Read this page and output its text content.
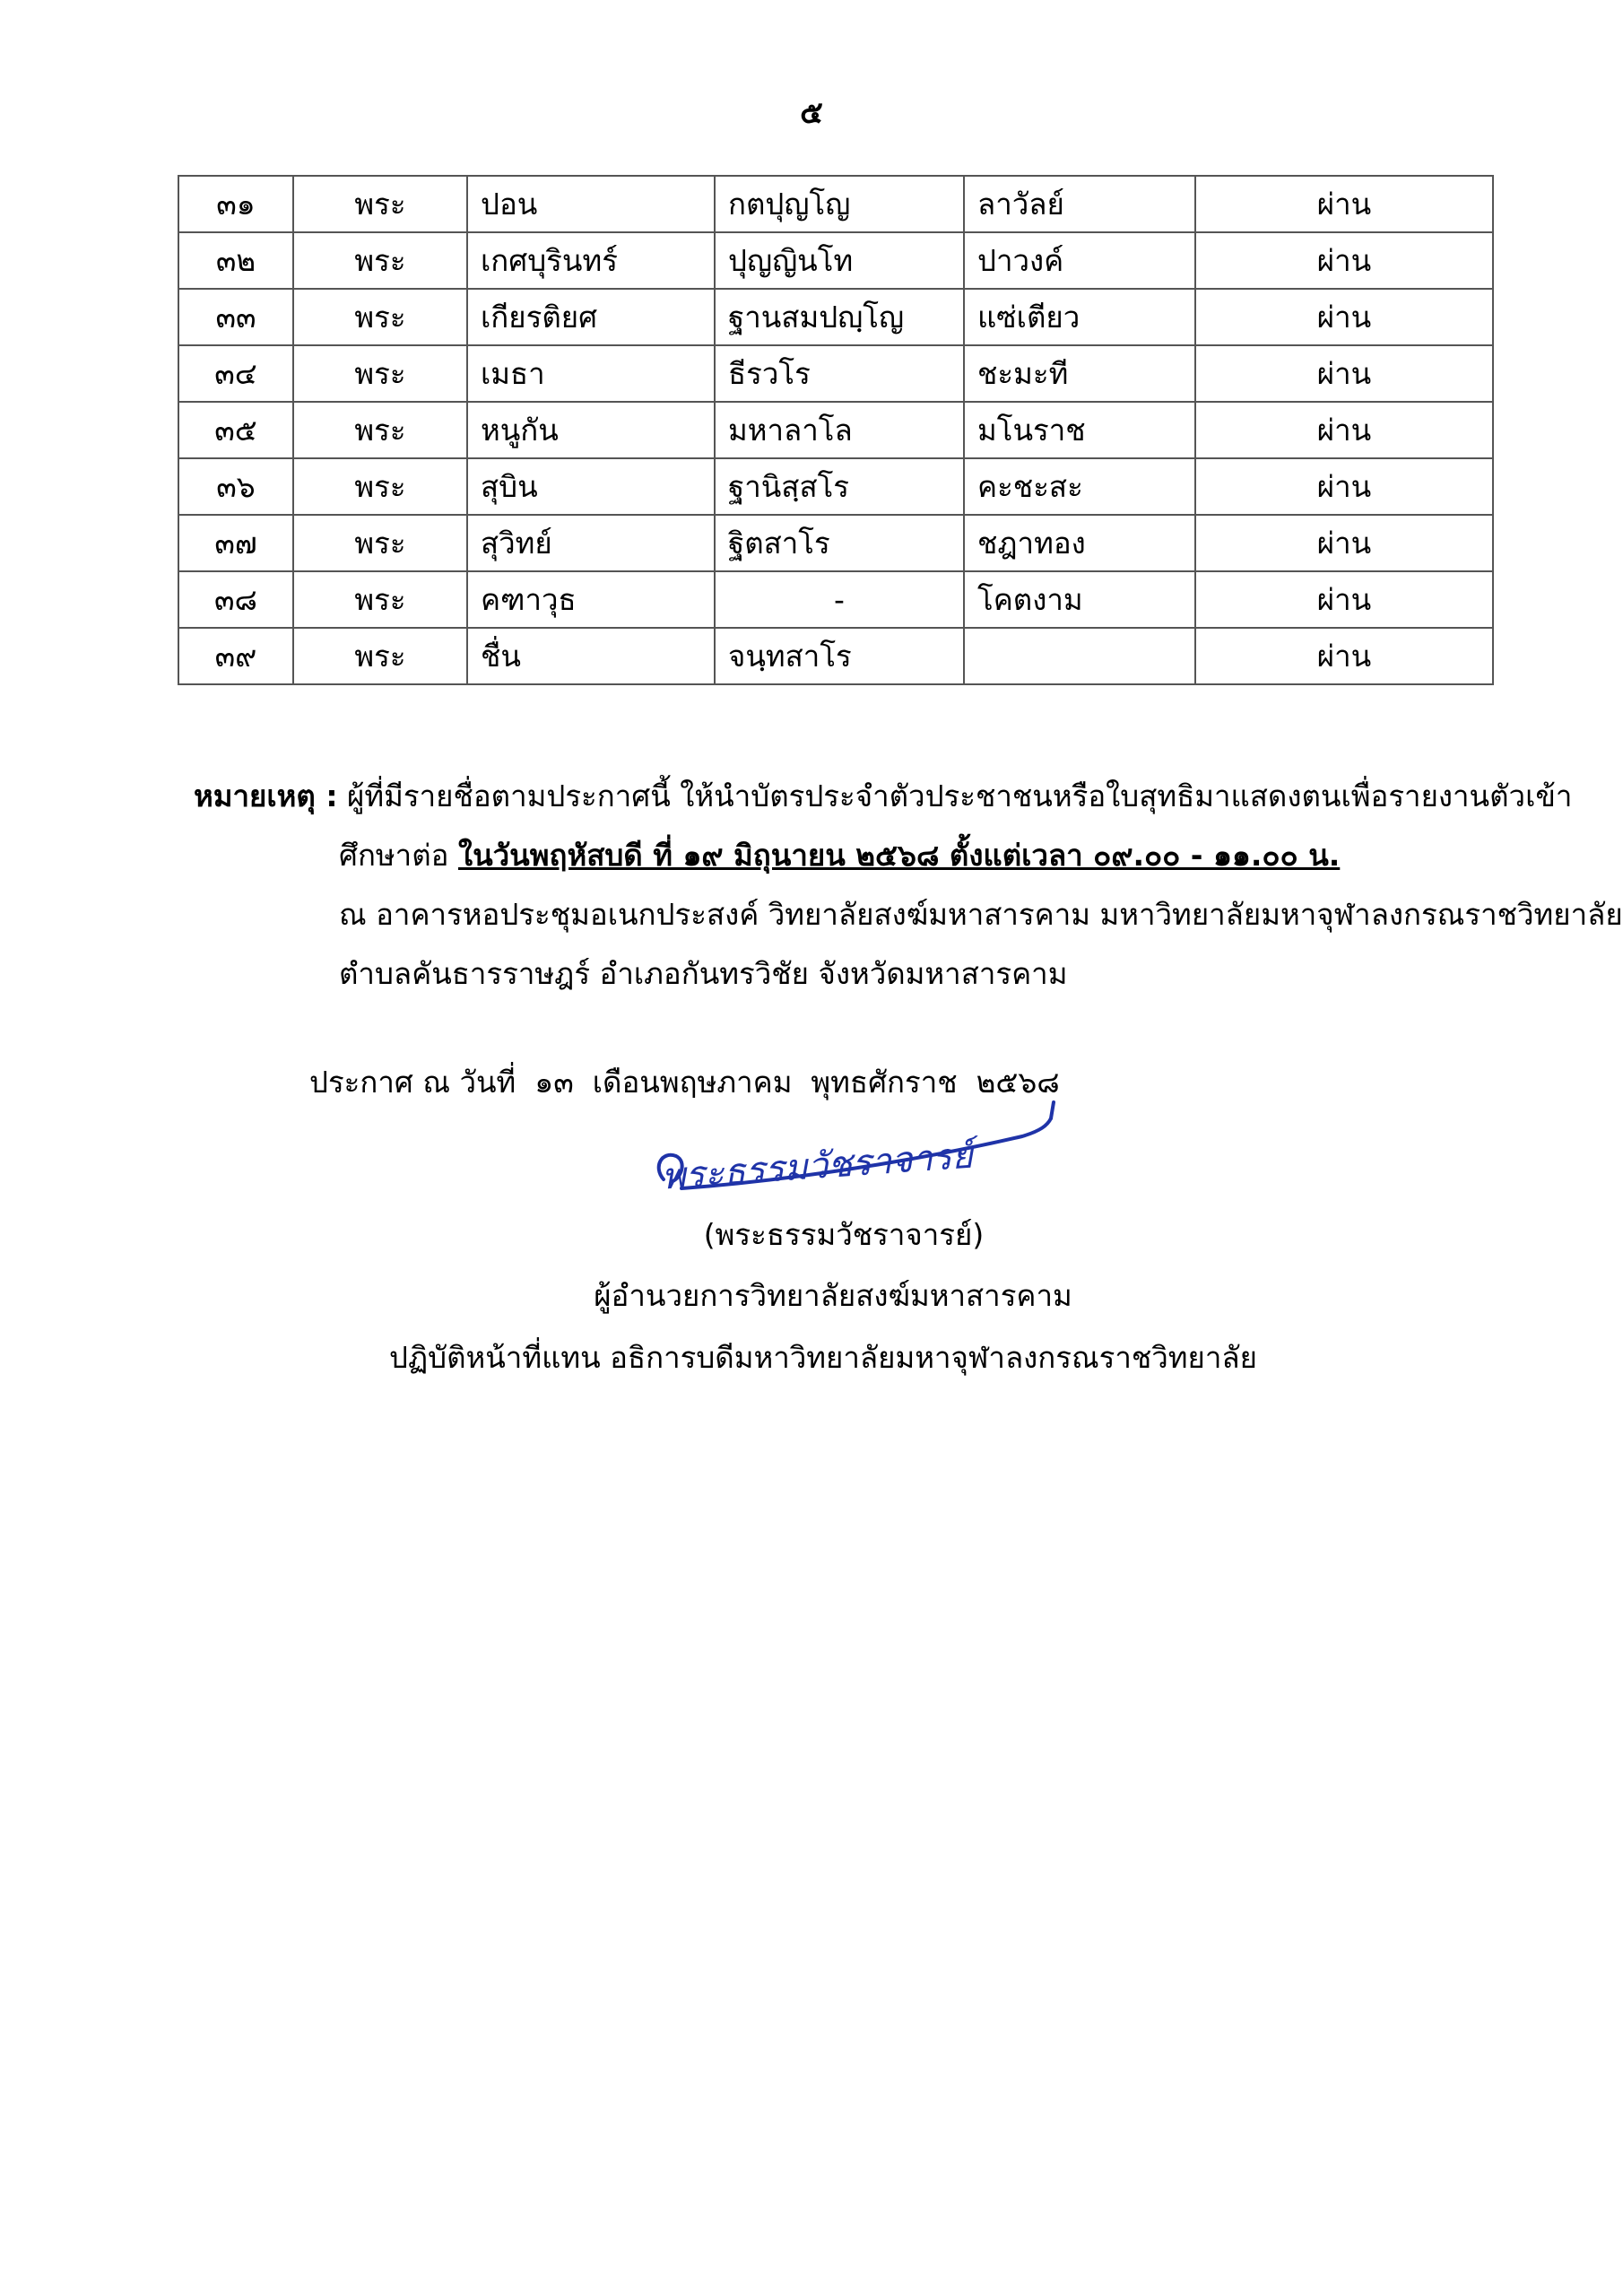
๕
๓๑	พระ	ปอน	กตปุญโญ	ลาวัลย์	ผ่าน
๓๒	พระ	เกศบุรินทร์	ปุญญินโท	ปาวงค์	ผ่าน
๓๓	พระ	เกียรติยศ	ฐานสมปญฺโญ	แซ่เตียว	ผ่าน
๓๔	พระ	เมธา	ธีรวโร	ชะมะที	ผ่าน
๓๕	พระ	หนูกัน	มหาลาโล	มโนราช	ผ่าน
๓๖	พระ	สุบิน	ฐานิสฺสโร	คะชะสะ	ผ่าน
๓๗	พระ	สุวิทย์	ฐิตสาโร	ชฎาทอง	ผ่าน
๓๘	พระ	คฑาวุธ	-	โคตงาม	ผ่าน
๓๙	พระ	ชื่น	จนฺทสาโร		ผ่าน
หมายเหตุ : ผู้ที่มีรายชื่อตามประกาศนี้ ให้นำบัตรประจำตัวประชาชนหรือใบสุทธิมาแสดงตนเพื่อรายงานตัวเข้า
ศึกษาต่อ ในวันพฤหัสบดี ที่ ๑๙ มิถุนายน ๒๕๖๘ ตั้งแต่เวลา ๐๙.๐๐ - ๑๑.๐๐ น.
ณ อาคารหอประชุมอเนกประสงค์ วิทยาลัยสงฆ์มหาสารคาม มหาวิทยาลัยมหาจุฬาลงกรณราชวิทยาลัย
ตำบลคันธารราษฎร์ อำเภอกันทรวิชัย จังหวัดมหาสารคาม
ประกาศ ณ วันที่  ๑๓  เดือนพฤษภาคม  พุทธศักราช  ๒๕๖๘
พระธรรมวัชราจารย์
(พระธรรมวัชราจารย์)
ผู้อำนวยการวิทยาลัยสงฆ์มหาสารคาม
ปฏิบัติหน้าที่แทน อธิการบดีมหาวิทยาลัยมหาจุฬาลงกรณราชวิทยาลัย
